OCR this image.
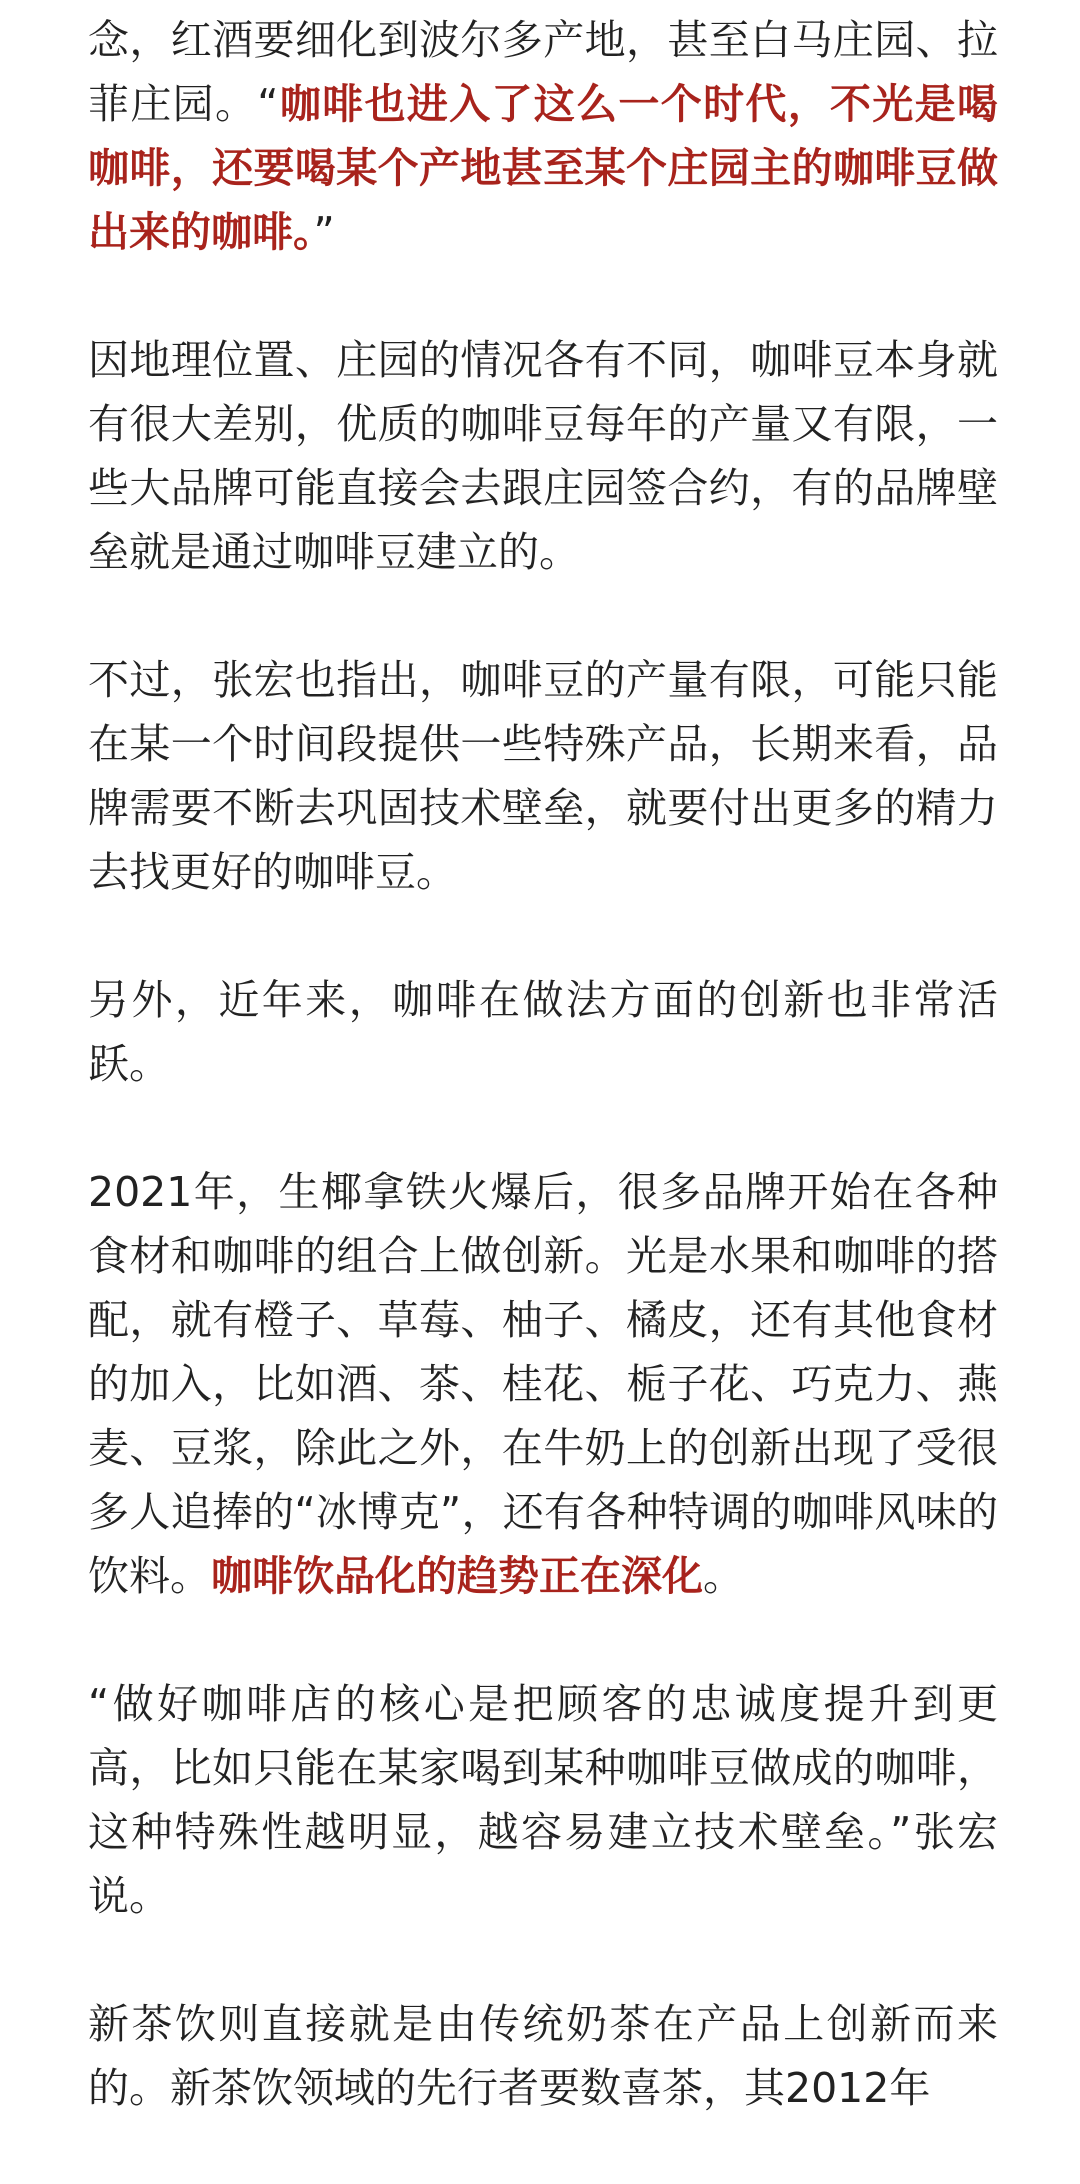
念，红酒要细化到波尔多产地，甚至白马庄园、拉菲庄园。“咖啡也进入了这么一个时代，不光是喝咖啡，还要喝某个产地甚至某个庄园主的咖啡豆做出来的咖啡。”

因地理位置、庄园的情况各有不同，咖啡豆本身就有很大差别，优质的咖啡豆每年的产量又有限，一些大品牌可能直接会去跟庄园签合约，有的品牌壁垒就是通过咖啡豆建立的。

不过，张宏也指出，咖啡豆的产量有限，可能只能在某一个时间段提供一些特殊产品，长期来看，品牌需要不断去巩固技术壁垒，就要付出更多的精力去找更好的咖啡豆。

另外，近年来，咖啡在做法方面的创新也非常活跃。

2021年，生椰拿铁火爆后，很多品牌开始在各种食材和咖啡的组合上做创新。光是水果和咖啡的搭配，就有橙子、草莓、柚子、橘皮，还有其他食材的加入，比如酒、茶、桂花、栀子花、巧克力、燕麦、豆浆，除此之外，在牛奶上的创新出现了受很多人追捧的“冰博克”，还有各种特调的咖啡风味的饮料。咖啡饮品化的趋势正在深化。

“做好咖啡店的核心是把顾客的忠诚度提升到更高，比如只能在某家喝到某种咖啡豆做成的咖啡，这种特殊性越明显，越容易建立技术壁垒。”张宏说。

新茶饮则直接就是由传统奶茶在产品上创新而来的。新茶饮领域的先行者要数喜茶，其2012年
